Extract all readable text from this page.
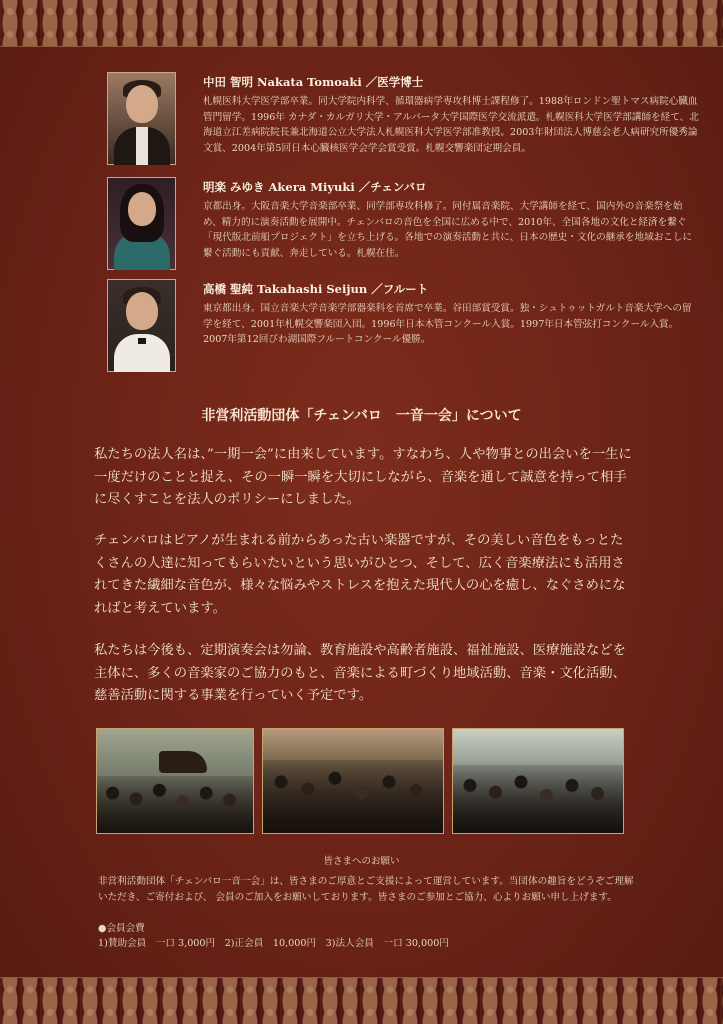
中田 智明 Nakata Tomoaki ／医学博士
札幌医科大学医学部卒業。同大学院内科学、循環器病学専攻科博士課程修了。1988年ロンドン聖トマス病院心臓血管門留学。1996年 カナダ・カルガリ大学・アルバータ大学国際医学交流派遣。札幌医科大学医学部講師を経て、北海道立江差病院院長兼北海道公立大学法人札幌医科大学医学部准教授。2003年財団法人博慈会老人病研究所優秀論文賞、2004年第5回日本心臓核医学会学会賞受賞。札幌交響楽団定期会員。
明楽 みゆき Akera Miyuki ／チェンバロ
京都出身。大阪音楽大学音楽部卒業、同学部専攻科修了。同付属音楽院、大学講師を経て、国内外の音楽祭を始め、精力的に演奏活動を展開中。チェンバロの音色を全国に広める中で、2010年、全国各地の文化と経済を繋ぐ「現代版北前船プロジェクト」を立ち上げる。各地での演奏活動と共に、日本の歴史・文化の継承を地域おこしに繋ぐ活動にも貢献、奔走している。札幌在住。
高橋 聖純 Takahashi Seijun ／フルート
東京都出身。国立音楽大学音楽学部器楽科を首席で卒業。谷田部賞受賞。独・シュトゥットガルト音楽大学への留学を経て、2001年札幌交響楽団入団。1996年日本木管コンクール入賞。1997年日本管弦打コンクール入賞。2007年第12回びわ湖国際フルートコンクール優勝。
非営利活動団体「チェンバロ　一音一会」について
私たちの法人名は、”一期一会”に由来しています。すなわち、人や物事との出会いを一生に一度だけのことと捉え、その一瞬一瞬を大切にしながら、音楽を通して誠意を持って相手に尽くすことを法人のポリシーにしました。
チェンバロはピアノが生まれる前からあった古い楽器ですが、その美しい音色をもっとたくさんの人達に知ってもらいたいという思いがひとつ、そして、広く音楽療法にも活用されてきた繊細な音色が、様々な悩みやストレスを抱えた現代人の心を癒し、なぐさめになればと考えています。
私たちは今後も、定期演奏会は勿論、教育施設や高齢者施設、福祉施設、医療施設などを主体に、多くの音楽家のご協力のもと、音楽による町づくり地域活動、音楽・文化活動、慈善活動に関する事業を行っていく予定です。
皆さまへのお願い
非営利活動団体「チェンバロ一音一会」は、皆さまのご厚意とご支援によって運営しています。当団体の趣旨をどうぞご理解いただき、ご寄付および、 会員のご加入をお願いしております。皆さまのご参加とご協力、心よりお願い申し上げます。
●会員会費
1)賛助会員　一口 3,000円　2)正会員　10,000円　3)法人会員　一口 30,000円
